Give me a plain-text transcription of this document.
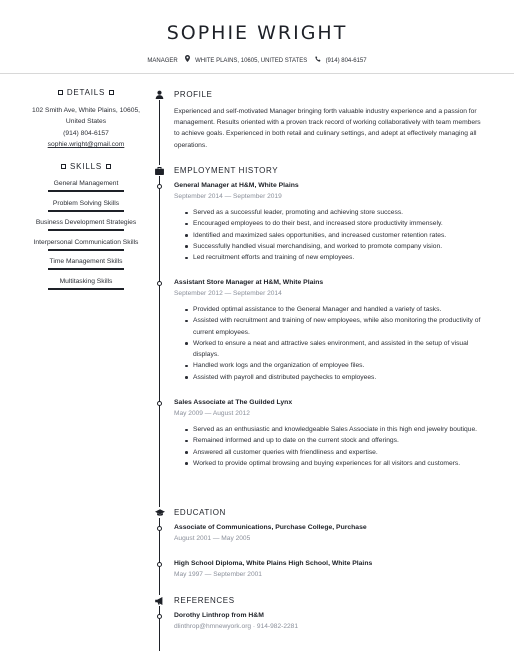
SOPHIE WRIGHT
MANAGER	WHITE PLAINS, 10605, UNITED STATES	(914) 804-6157
DETAILS
102 Smith Ave, White Plains, 10605,
United States
(914) 804-6157
sophie.wright@gmail.com
SKILLS
General Management
Problem Solving Skills
Business Development Strategies
Interpersonal Communication Skills
Time Management Skills
Multitasking Skills
PROFILE
Experienced and self-motivated Manager bringing forth valuable industry experience and a passion for management. Results oriented with a proven track record of working collaboratively with team members to achieve goals. Experienced in both retail and culinary settings, and adept at effectively managing all operations.
EMPLOYMENT HISTORY
General Manager at H&M, White Plains
September 2014 — September 2019
Served as a successful leader, promoting and achieving store success.
Encouraged employees to do their best, and increased store productivity immensely.
Identified and maximized sales opportunities, and increased customer retention rates.
Successfully handled visual merchandising, and worked to promote company vision.
Led recruitment efforts and training of new employees.
Assistant Store Manager at H&M, White Plains
September 2012 — September 2014
Provided optimal assistance to the General Manager and handled a variety of tasks.
Assisted with recruitment and training of new employees, while also monitoring the productivity of current employees.
Worked to ensure a neat and attractive sales environment, and assisted in the setup of visual displays.
Handled work logs and the organization of employee files.
Assisted with payroll and distributed paychecks to employees.
Sales Associate at The Guilded Lynx
May 2009 — August 2012
Served as an enthusiastic and knowledgeable Sales Associate in this high end jewelry boutique.
Remained informed and up to date on the current stock and offerings.
Answered all customer queries with friendliness and expertise.
Worked to provide optimal browsing and buying experiences for all visitors and customers.
EDUCATION
Associate of Communications, Purchase College, Purchase
August 2001 — May 2005
High School Diploma, White Plains High School, White Plains
May 1997 — September 2001
REFERENCES
Dorothy Linthrop from H&M
dlinthrop@hmnewyork.org · 914-982-2281
